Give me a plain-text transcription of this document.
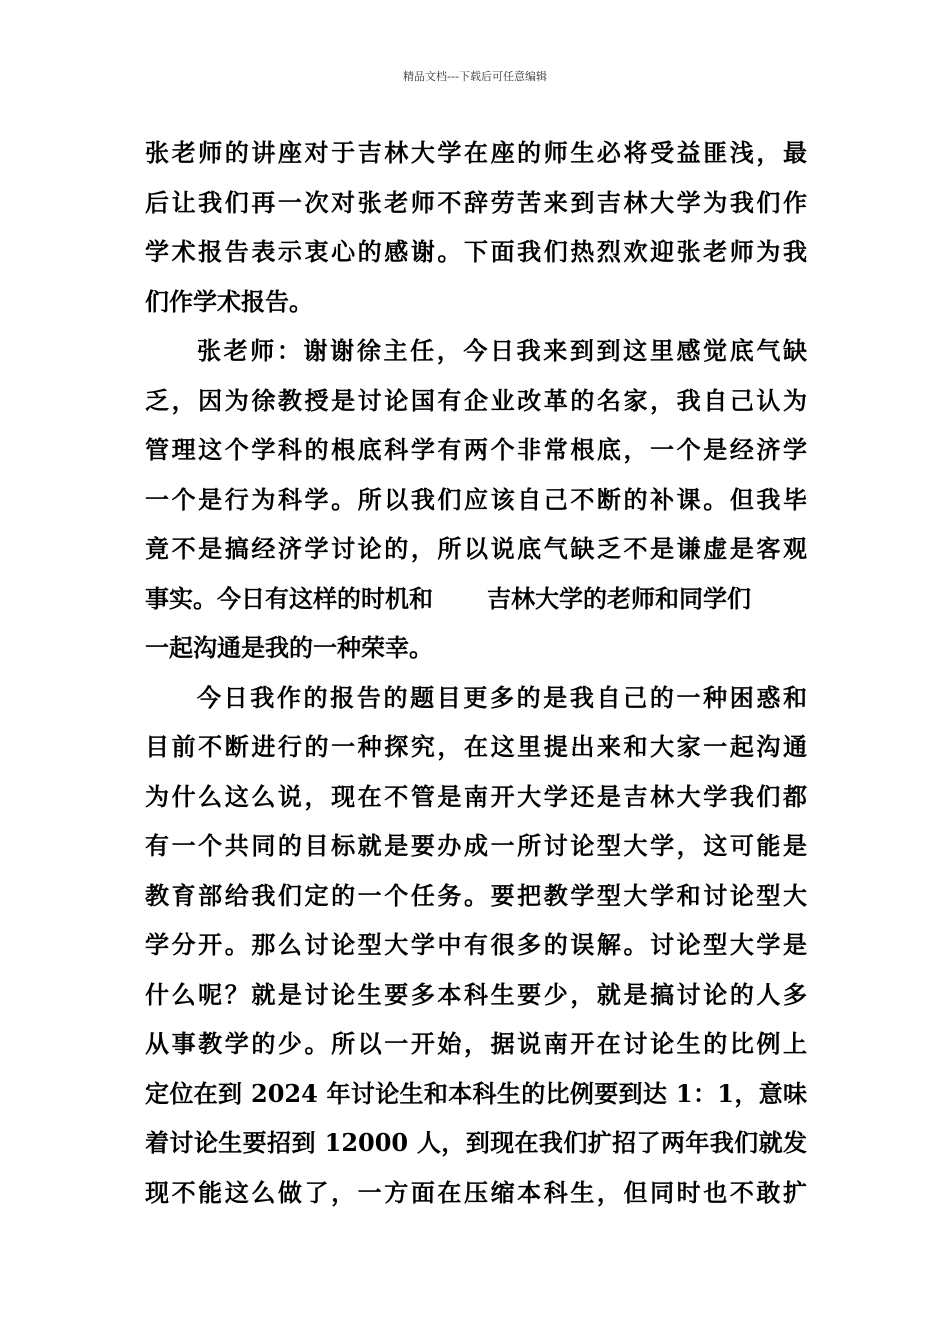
精品文档---下载后可任意编辑
张老师的讲座对于吉林大学在座的师生必将受益匪浅，最
后让我们再一次对张老师不辞劳苦来到吉林大学为我们作
学术报告表示衷心的感谢。下面我们热烈欢迎张老师为我
们作学术报告。
张老师：谢谢徐主任，今日我来到到这里感觉底气缺
乏，因为徐教授是讨论国有企业改革的名家，我自己认为
管理这个学科的根底科学有两个非常根底，一个是经济学
一个是行为科学。所以我们应该自己不断的补课。但我毕
竟不是搞经济学讨论的，所以说底气缺乏不是谦虚是客观
事实。今日有这样的时机和 吉林大学的老师和同学们
一起沟通是我的一种荣幸。
今日我作的报告的题目更多的是我自己的一种困惑和
目前不断进行的一种探究，在这里提出来和大家一起沟通
为什么这么说，现在不管是南开大学还是吉林大学我们都
有一个共同的目标就是要办成一所讨论型大学，这可能是
教育部给我们定的一个任务。要把教学型大学和讨论型大
学分开。那么讨论型大学中有很多的误解。讨论型大学是
什么呢？就是讨论生要多本科生要少，就是搞讨论的人多
从事教学的少。所以一开始，据说南开在讨论生的比例上
定位在到 2024 年讨论生和本科生的比例要到达 1：1，意味
着讨论生要招到 12000 人，到现在我们扩招了两年我们就发
现不能这么做了，一方面在压缩本科生，但同时也不敢扩
